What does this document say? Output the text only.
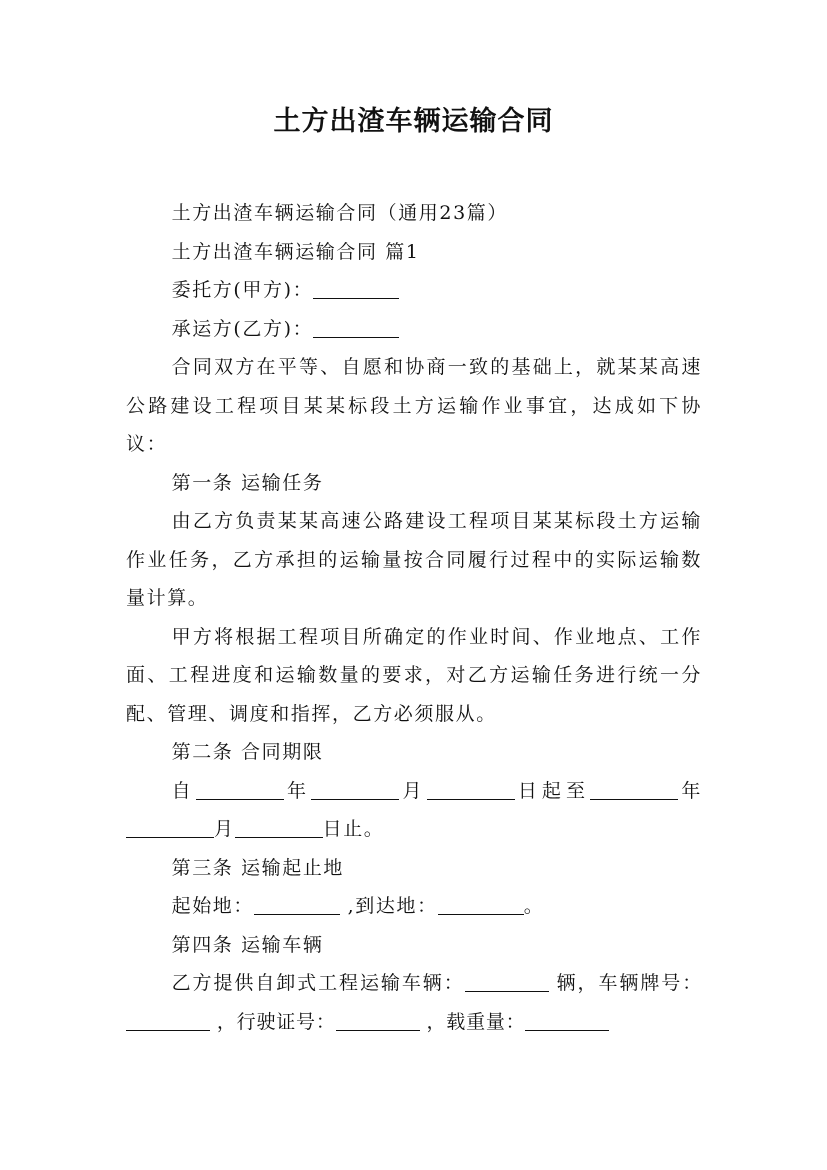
土方出渣车辆运输合同

土方出渣车辆运输合同（通用23篇）

土方出渣车辆运输合同 篇1

委托方(甲方)：

承运方(乙方)：

合同双方在平等、自愿和协商一致的基础上，就某某高速公路建设工程项目某某标段土方运输作业事宜，达成如下协议：

第一条 运输任务

由乙方负责某某高速公路建设工程项目某某标段土方运输作业任务，乙方承担的运输量按合同履行过程中的实际运输数量计算。

甲方将根据工程项目所确定的作业时间、作业地点、工作面、工程进度和运输数量的要求，对乙方运输任务进行统一分配、管理、调度和指挥，乙方必须服从。

第二条 合同期限

自	年	月	日起至	年月	日止。

第三条 运输起止地

起始地：	,到达地：	。

第四条 运输车辆

乙方提供自卸式工程运输车辆：	辆，车辆牌号： ，行驶证号：	，载重量：
